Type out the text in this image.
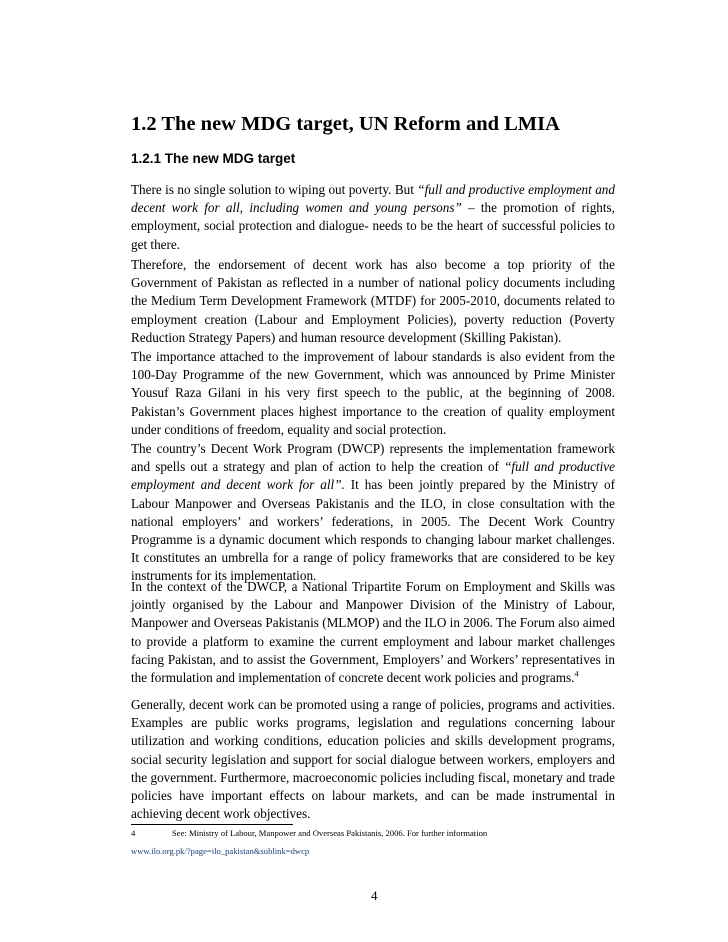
1.2 The new MDG target, UN Reform and LMIA
1.2.1 The new MDG target

There is no single solution to wiping out poverty. But “full and productive employment and decent work for all, including women and young persons” – the promotion of rights, employment, social protection and dialogue- needs to be the heart of successful policies to get there.

Therefore, the endorsement of decent work has also become a top priority of the Government of Pakistan as reflected in a number of national policy documents including the Medium Term Development Framework (MTDF) for 2005-2010, documents related to employment creation (Labour and Employment Policies), poverty reduction (Poverty Reduction Strategy Papers) and human resource development (Skilling Pakistan).

The importance attached to the improvement of labour standards is also evident from the 100-Day Programme of the new Government, which was announced by Prime Minister Yousuf Raza Gilani in his very first speech to the public, at the beginning of 2008. Pakistan’s Government places highest importance to the creation of quality employment under conditions of freedom, equality and social protection.

The country’s Decent Work Program (DWCP) represents the implementation framework and spells out a strategy and plan of action to help the creation of “full and productive employment and decent work for all”. It has been jointly prepared by the Ministry of Labour Manpower and Overseas Pakistanis and the ILO, in close consultation with the national employers’ and workers’ federations, in 2005. The Decent Work Country Programme is a dynamic document which responds to changing labour market challenges. It constitutes an umbrella for a range of policy frameworks that are considered to be key instruments for its implementation.

In the context of the DWCP, a National Tripartite Forum on Employment and Skills was jointly organised by the Labour and Manpower Division of the Ministry of Labour, Manpower and Overseas Pakistanis (MLMOP) and the ILO in 2006. The Forum also aimed to provide a platform to examine the current employment and labour market challenges facing Pakistan, and to assist the Government, Employers’ and Workers’ representatives in the formulation and implementation of concrete decent work policies and programs.$^4$

Generally, decent work can be promoted using a range of policies, programs and activities. Examples are public works programs, legislation and regulations concerning labour utilization and working conditions, education policies and skills development programs, social security legislation and support for social dialogue between workers, employers and the government. Furthermore, macroeconomic policies including fiscal, monetary and trade policies have important effects on labour markets, and can be made instrumental in achieving decent work objectives.

4	See: Ministry of Labour, Manpower and Overseas Pakistanis, 2006. For further information
www.ilo.org.pk/?page=ilo_pakistan&sublink=dwcp
4
